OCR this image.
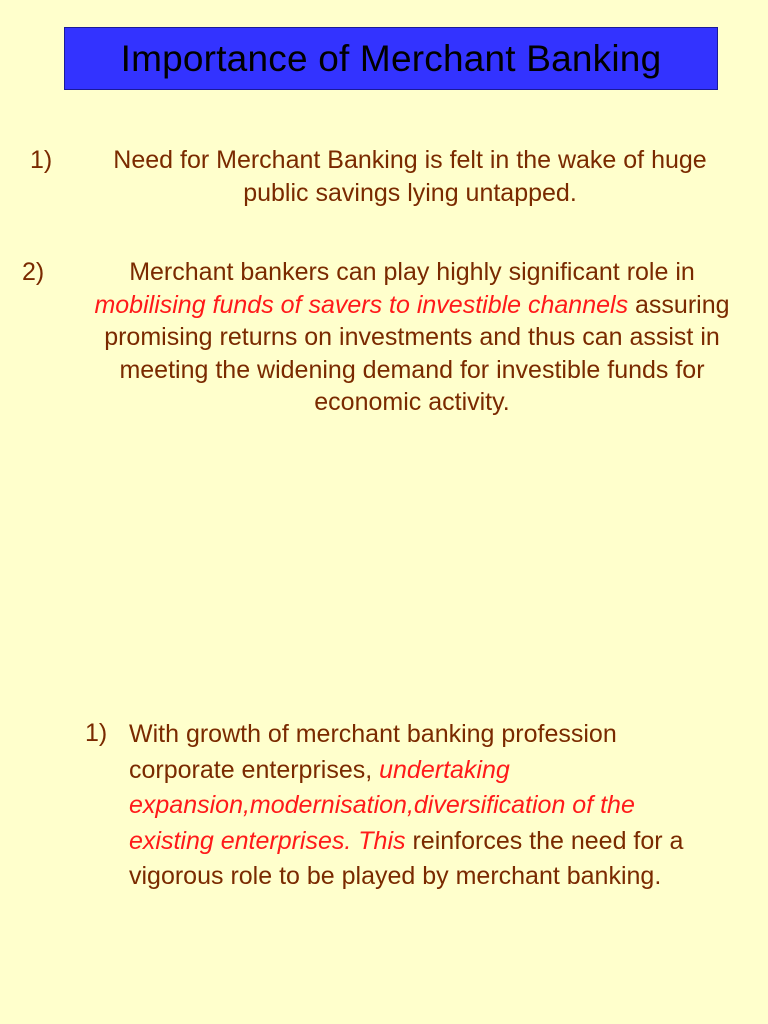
Importance of Merchant Banking
1)	Need for Merchant Banking is felt in the wake of huge public savings lying untapped.
2)	Merchant bankers can play highly significant role in mobilising funds of savers to investible channels assuring promising returns on investments and thus can assist in meeting the widening demand for investible funds for economic activity.
1) With growth of merchant banking profession corporate enterprises, undertaking expansion,modernisation,diversification of the existing enterprises. This reinforces the need for a vigorous role to be played by merchant banking.
